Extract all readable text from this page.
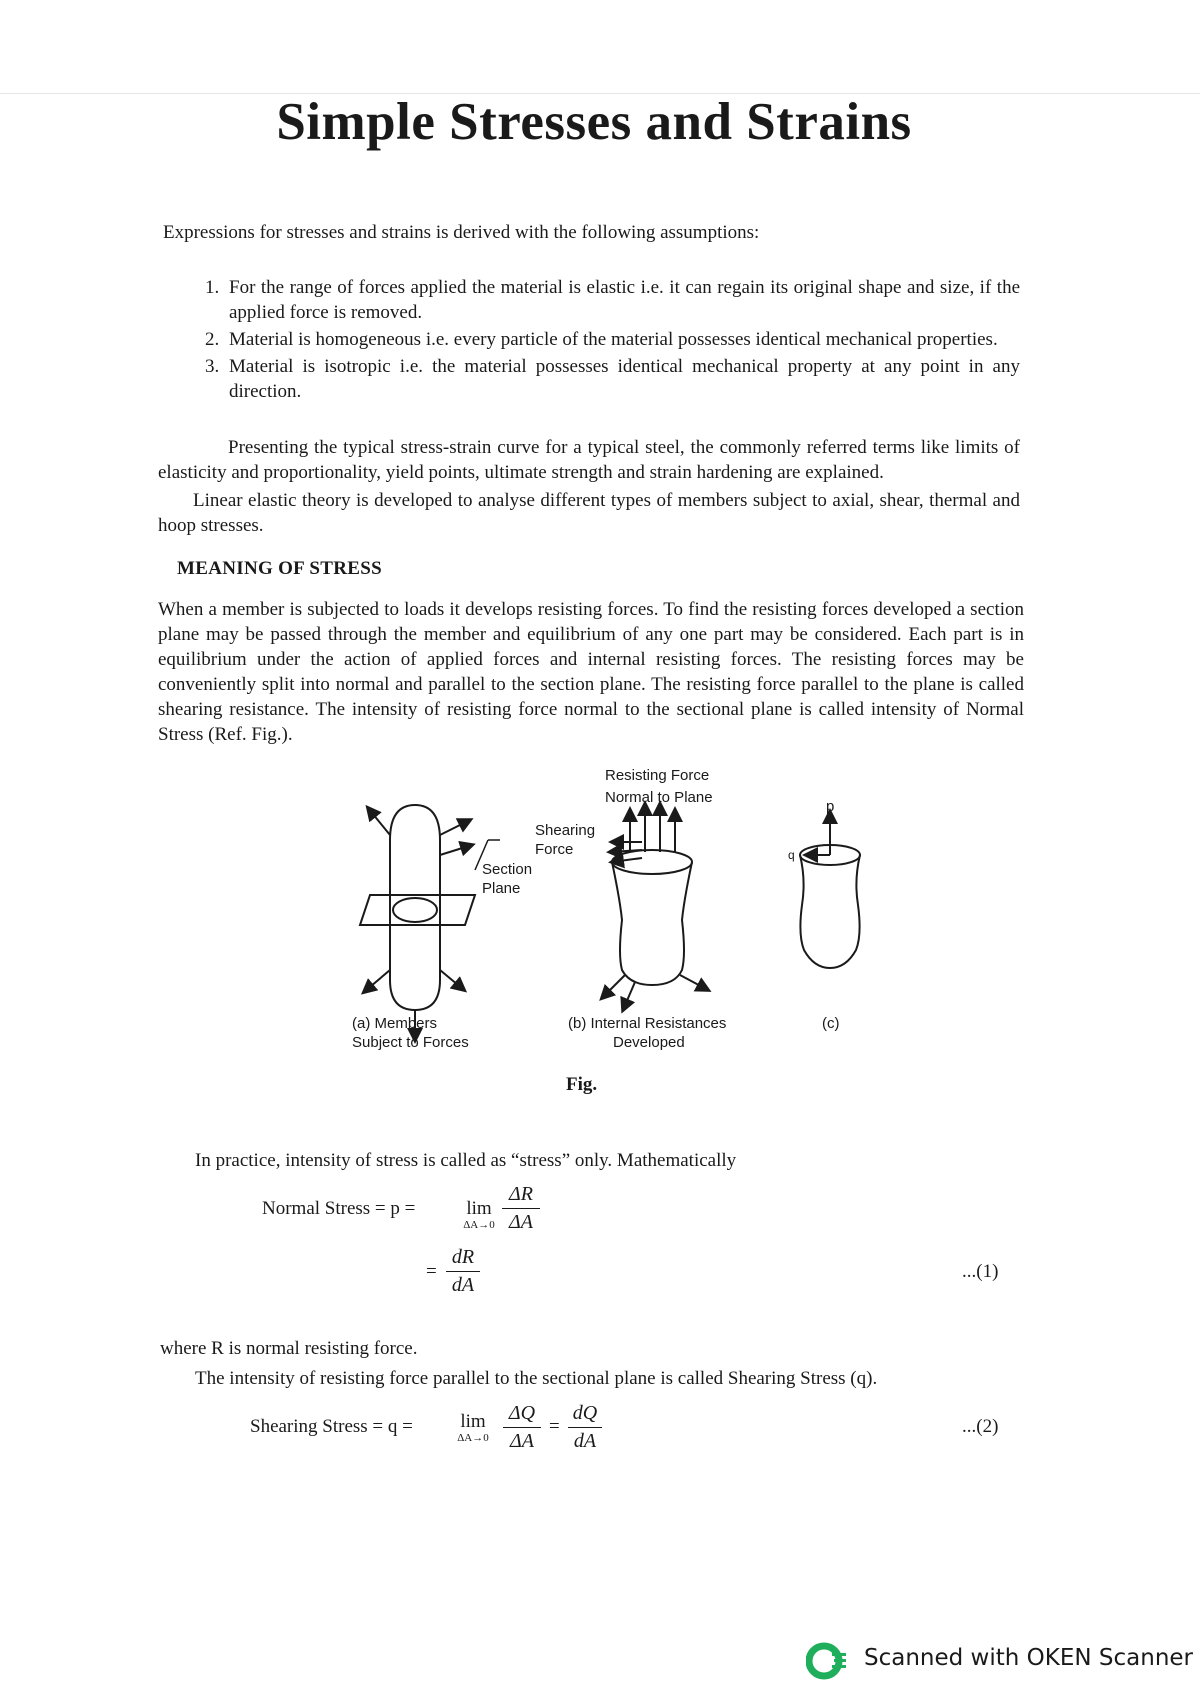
Simple Stresses and Strains
Expressions for stresses and strains is derived with the following assumptions:
1. For the range of forces applied the material is elastic i.e. it can regain its original shape and size, if the applied force is removed.
2. Material is homogeneous i.e. every particle of the material possesses identical mechanical properties.
3. Material is isotropic i.e. the material possesses identical mechanical property at any point in any direction.
Presenting the typical stress-strain curve for a typical steel, the commonly referred terms like limits of elasticity and proportionality, yield points, ultimate strength and strain hardening are explained.
Linear elastic theory is developed to analyse different types of members subject to axial, shear, thermal and hoop stresses.
MEANING OF STRESS
When a member is subjected to loads it develops resisting forces. To find the resisting forces developed a section plane may be passed through the member and equilibrium of any one part may be considered. Each part is in equilibrium under the action of applied forces and internal resisting forces. The resisting forces may be conveniently split into normal and parallel to the section plane. The resisting force parallel to the plane is called shearing resistance. The intensity of resisting force normal to the sectional plane is called intensity of Normal Stress (Ref. Fig.).
Resisting Force
Normal to Plane
Shearing
Force
Section
Plane
p
q
(a) Members
Subject to Forces
(b) Internal Resistances
Developed
(c)
Fig.
In practice, intensity of stress is called as “stress” only. Mathematically
Normal Stress = p =	lim
$\Delta A\to 0 \frac{\Delta R}{\Delta A}$
= $\frac{dR}{dA}$	...(1)
where R is normal resisting force.
The intensity of resisting force parallel to the sectional plane is called Shearing Stress (q).
Shearing Stress = q =	lim
$\Delta A\to 0 \frac{\Delta Q}{\Delta A} = \frac{dQ}{dA}$	...(2)
Scanned with OKEN Scanner
